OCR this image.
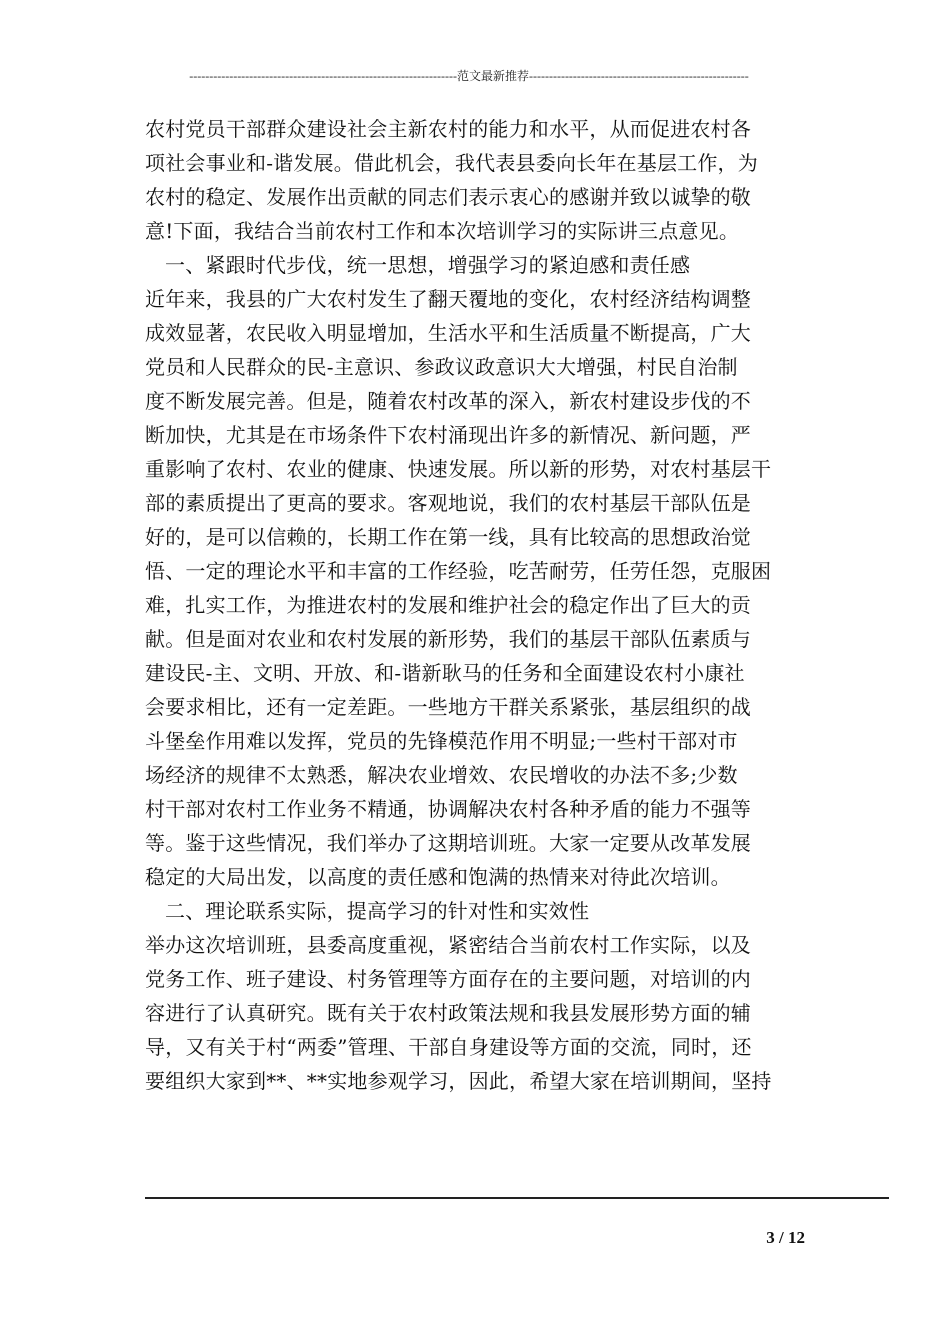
-------------------------------------------------------------------范文最新推荐-------------------------------------------------------
农村党员干部群众建设社会主新农村的能力和水平，从而促进农村各
项社会事业和-谐发展。借此机会，我代表县委向长年在基层工作，为
农村的稳定、发展作出贡献的同志们表示衷心的感谢并致以诚挚的敬
意!下面，我结合当前农村工作和本次培训学习的实际讲三点意见。
一、紧跟时代步伐，统一思想，增强学习的紧迫感和责任感
近年来，我县的广大农村发生了翻天覆地的变化，农村经济结构调整
成效显著，农民收入明显增加，生活水平和生活质量不断提高，广大
党员和人民群众的民-主意识、参政议政意识大大增强，村民自治制
度不断发展完善。但是，随着农村改革的深入，新农村建设步伐的不
断加快，尤其是在市场条件下农村涌现出许多的新情况、新问题，严
重影响了农村、农业的健康、快速发展。所以新的形势，对农村基层干
部的素质提出了更高的要求。客观地说，我们的农村基层干部队伍是
好的，是可以信赖的，长期工作在第一线，具有比较高的思想政治觉
悟、一定的理论水平和丰富的工作经验，吃苦耐劳，任劳任怨，克服困
难，扎实工作，为推进农村的发展和维护社会的稳定作出了巨大的贡
献。但是面对农业和农村发展的新形势，我们的基层干部队伍素质与
建设民-主、文明、开放、和-谐新耿马的任务和全面建设农村小康社
会要求相比，还有一定差距。一些地方干群关系紧张，基层组织的战
斗堡垒作用难以发挥，党员的先锋模范作用不明显;一些村干部对市
场经济的规律不太熟悉，解决农业增效、农民增收的办法不多;少数
村干部对农村工作业务不精通，协调解决农村各种矛盾的能力不强等
等。鉴于这些情况，我们举办了这期培训班。大家一定要从改革发展
稳定的大局出发，以高度的责任感和饱满的热情来对待此次培训。
二、理论联系实际，提高学习的针对性和实效性
举办这次培训班，县委高度重视，紧密结合当前农村工作实际，以及
党务工作、班子建设、村务管理等方面存在的主要问题，对培训的内
容进行了认真研究。既有关于农村政策法规和我县发展形势方面的辅
导，又有关于村“两委”管理、干部自身建设等方面的交流，同时，还
要组织大家到**、**实地参观学习，因此，希望大家在培训期间，坚持
3 / 12
